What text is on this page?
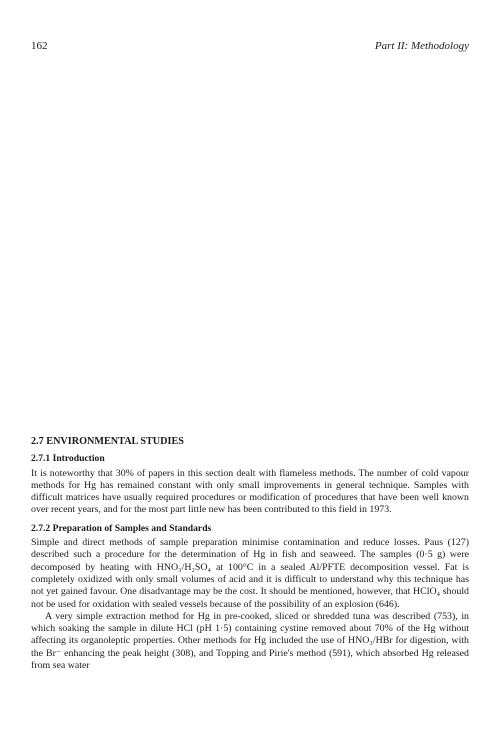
162	Part II: Methodology
2.7 ENVIRONMENTAL STUDIES
2.7.1 Introduction

It is noteworthy that 30% of papers in this section dealt with flameless methods. The number of cold vapour methods for Hg has remained constant with only small improvements in general technique. Samples with difficult matrices have usually required procedures or modification of procedures that have been well known over recent years, and for the most part little new has been contributed to this field in 1973.

2.7.2 Preparation of Samples and Standards

Simple and direct methods of sample preparation minimise contamination and reduce losses. Paus (127) described such a procedure for the determination of Hg in fish and seaweed. The samples (0·5 g) were decomposed by heating with HNO₃/H₂SO₄ at 100°C in a sealed Al/PFTE decomposition vessel. Fat is completely oxidized with only small volumes of acid and it is difficult to understand why this technique has not yet gained favour. One disadvantage may be the cost. It should be mentioned, however, that HClO₄ should not be used for oxidation with sealed vessels because of the possibility of an explosion (646).

A very simple extraction method for Hg in pre-cooked, sliced or shredded tuna was described (753), in which soaking the sample in dilute HCl (pH 1·5) containing cystine removed about 70% of the Hg without affecting its organoleptic properties. Other methods for Hg included the use of HNO₃/HBr for digestion, with the Br⁻ enhancing the peak height (308), and Topping and Pirie's method (591), which absorbed Hg released from sea water
